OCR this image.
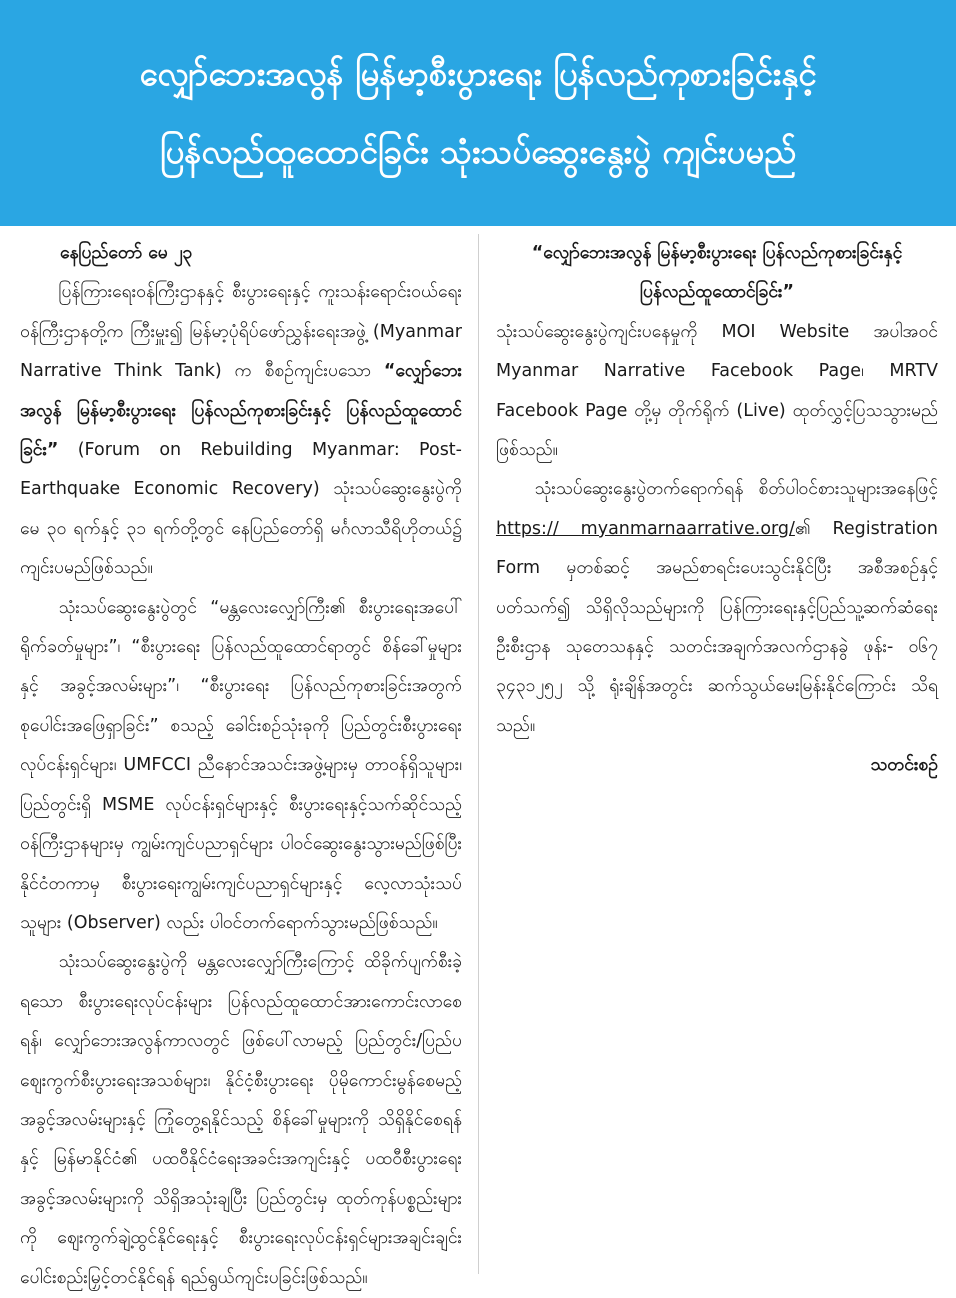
လျှော်ဘေးအလွန် မြန်မာ့စီးပွားရေး ပြန်လည်ကုစားခြင်းနှင့်
ပြန်လည်ထူထောင်ခြင်း သုံးသပ်ဆွေးနွေးပွဲ ကျင်းပမည်

နေပြည်တော် မေ ၂၃

ပြန်ကြားရေးဝန်ကြီးဌာနနှင့် စီးပွားရေးနှင့် ကူးသန်းရောင်းဝယ်ရေးဝန်ကြီးဌာနတို့က ကြီးမှူး၍ မြန်မာ့ပုံရိပ်ဖော်ညွှန်းရေးအဖွဲ့ (Myanmar Narrative Think Tank) က စီစဉ်ကျင်းပသော “လျှော်ဘေးအလွန် မြန်မာ့စီးပွားရေး ပြန်လည်ကုစားခြင်းနှင့် ပြန်လည်ထူထောင်ခြင်း” (Forum on Rebuilding Myanmar: Post-Earthquake Economic Recovery) သုံးသပ်ဆွေးနွေးပွဲကို မေ ၃၀ ရက်နှင့် ၃၁ ရက်တို့တွင် နေပြည်တော်ရှိ မင်္ဂလာသီရိဟိုတယ်၌ ကျင်းပမည်ဖြစ်သည်။

သုံးသပ်ဆွေးနွေးပွဲတွင် “မန္တလေးလျှော်ကြီး၏ စီးပွားရေးအပေါ် ရိုက်ခတ်မှုများ”၊ “စီးပွားရေး ပြန်လည်ထူထောင်ရာတွင် စိန်ခေါ်မှုများနှင့် အခွင့်အလမ်းများ”၊ “စီးပွားရေး ပြန်လည်ကုစားခြင်းအတွက် စုပေါင်းအဖြေရှာခြင်း” စသည့် ခေါင်းစဉ်သုံးခုကို ပြည်တွင်းစီးပွားရေးလုပ်ငန်းရှင်များ၊ UMFCCI ညီနောင်အသင်းအဖွဲ့များမှ တာဝန်ရှိသူများ၊ ပြည်တွင်းရှိ MSME လုပ်ငန်းရှင်များနှင့် စီးပွားရေးနှင့်သက်ဆိုင်သည့် ဝန်ကြီးဌာနများမှ ကျွမ်းကျင်ပညာရှင်များ ပါဝင်ဆွေးနွေးသွားမည်ဖြစ်ပြီး နိုင်ငံတကာမှ စီးပွားရေးကျွမ်းကျင်ပညာရှင်များနှင့် လေ့လာသုံးသပ်သူများ (Observer) လည်း ပါဝင်တက်ရောက်သွားမည်ဖြစ်သည်။

သုံးသပ်ဆွေးနွေးပွဲကို မန္တလေးလျှော်ကြီးကြောင့် ထိခိုက်ပျက်စီးခဲ့ရသော စီးပွားရေးလုပ်ငန်းများ ပြန်လည်ထူထောင်အားကောင်းလာစေရန်၊ လျှော်ဘေးအလွန်ကာလတွင် ဖြစ်ပေါ်လာမည့် ပြည်တွင်း/ပြည်ပ ဈေးကွက်စီးပွားရေးအသစ်များ၊ နိုင်ငံ့စီးပွားရေး ပိုမိုကောင်းမွန်စေမည့် အခွင့်အလမ်းများနှင့် ကြုံတွေ့ရနိုင်သည့် စိန်ခေါ်မှုများကို သိရှိနိုင်စေရန်နှင့် မြန်မာနိုင်ငံ၏ ပထဝီနိုင်ငံရေးအခင်းအကျင်းနှင့် ပထဝီစီးပွားရေးအခွင့်အလမ်းများကို သိရှိအသုံးချပြီး ပြည်တွင်းမှ ထုတ်ကုန်ပစ္စည်းများကို ဈေးကွက်ချဲ့ထွင်နိုင်ရေးနှင့် စီးပွားရေးလုပ်ငန်းရှင်များအချင်းချင်း ပေါင်းစည်းမြှင့်တင်နိုင်ရန် ရည်ရွယ်ကျင်းပခြင်းဖြစ်သည်။

“လျှော်ဘေးအလွန် မြန်မာ့စီးပွားရေး ပြန်လည်ကုစားခြင်းနှင့် ပြန်လည်ထူထောင်ခြင်း”

သုံးသပ်ဆွေးနွေးပွဲကျင်းပနေမှုကို MOI Website အပါအဝင် Myanmar Narrative Facebook Page၊ MRTV Facebook Page တို့မှ တိုက်ရိုက် (Live) ထုတ်လွှင့်ပြသသွားမည်ဖြစ်သည်။

သုံးသပ်ဆွေးနွေးပွဲတက်ရောက်ရန် စိတ်ပါဝင်စားသူများအနေဖြင့် https:// myanmarnaarrative.org/၏ Registration Form မှတစ်ဆင့် အမည်စာရင်းပေးသွင်းနိုင်ပြီး အစီအစဉ်နှင့်ပတ်သက်၍ သိရှိလိုသည်များကို ပြန်ကြားရေးနှင့်ပြည်သူ့ဆက်ဆံရေးဦးစီးဌာန သုတေသနနှင့် သတင်းအချက်အလက်ဌာနခွဲ ဖုန်း- ၀၆၇ ၃၄၃၁၂၅၂ သို့ ရုံးချိန်အတွင်း ဆက်သွယ်မေးမြန်းနိုင်ကြောင်း သိရသည်။

သတင်းစဉ်
